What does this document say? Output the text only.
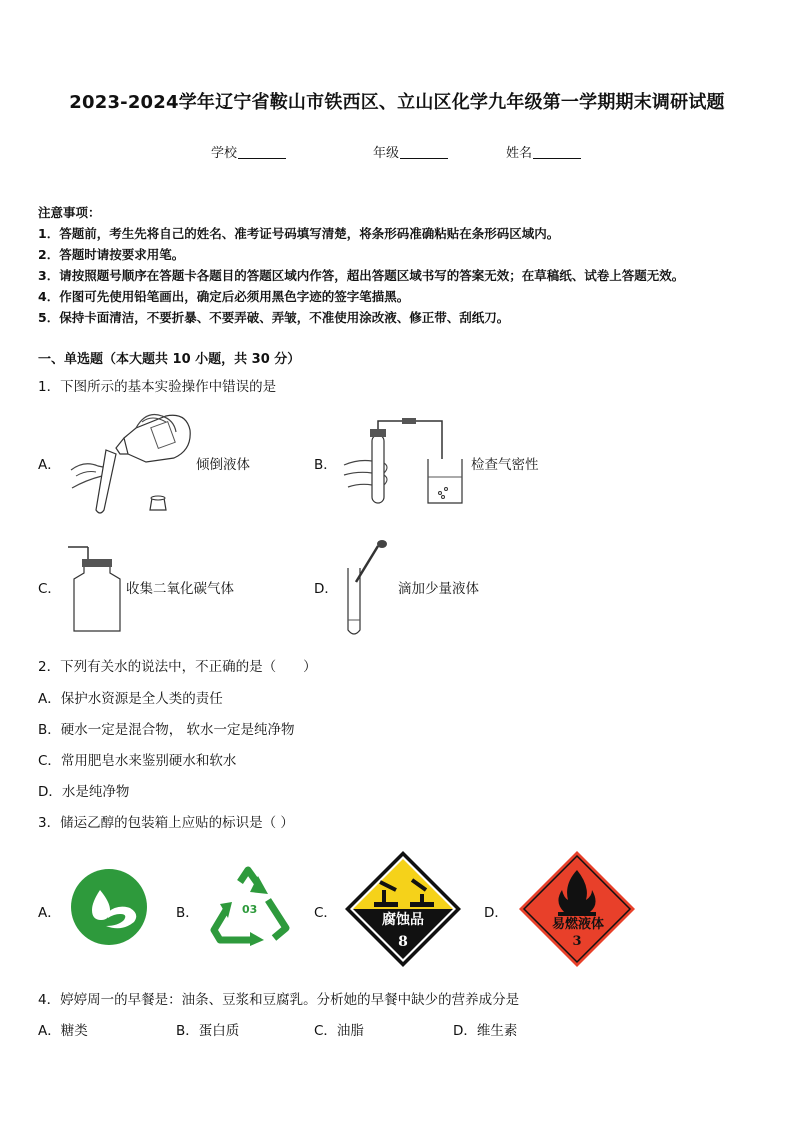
2023-2024学年辽宁省鞍山市铁西区、立山区化学九年级第一学期期末调研试题
学校	年级	姓名
注意事项：
1．答题前，考生先将自己的姓名、准考证号码填写清楚，将条形码准确粘贴在条形码区域内。
2．答题时请按要求用笔。
3．请按照题号顺序在答题卡各题目的答题区域内作答，超出答题区域书写的答案无效；在草稿纸、试卷上答题无效。
4．作图可先使用铅笔画出，确定后必须用黑色字迹的签字笔描黑。
5．保持卡面清洁，不要折暴、不要弄破、弄皱，不准使用涂改液、修正带、刮纸刀。
一、单选题（本大题共 10 小题，共 30 分）
1．下图所示的基本实验操作中错误的是
A．	倾倒液体	B．	检查气密性
C．	收集二氧化碳气体	D．	滴加少量液体
2．下列有关水的说法中，不正确的是（　　）
A．保护水资源是全人类的责任
B．硬水一定是混合物， 软水一定是纯净物
C．常用肥皂水来鉴别硬水和软水
D．水是纯净物
3．储运乙醇的包装箱上应贴的标识是（ ）
A．	B．	03	C．	腐蚀品
8
D．
易燃液体
3
4．婷婷周一的早餐是：油条、豆浆和豆腐乳。分析她的早餐中缺少的营养成分是
A．糖类	B．蛋白质	C．油脂	D．维生素
